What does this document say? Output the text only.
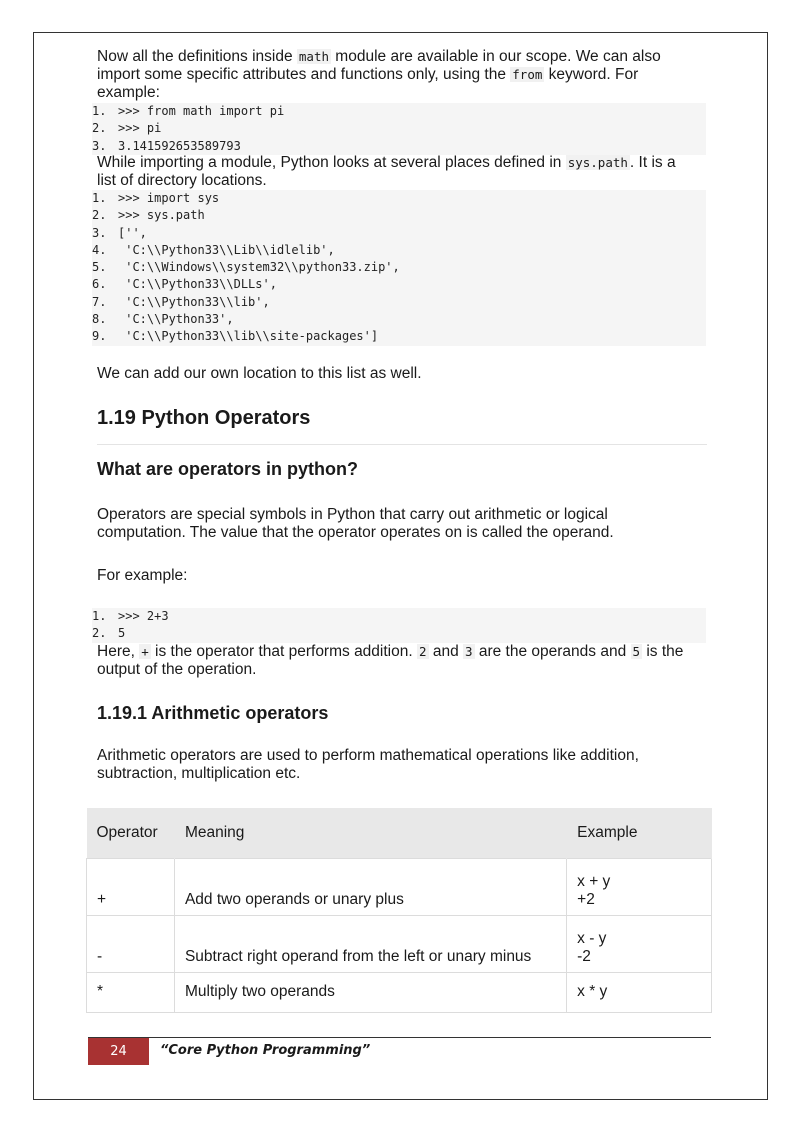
Now all the definitions inside math module are available in our scope. We can also
import some specific attributes and functions only, using the from keyword. For
example:
1. >>> from math import pi
2. >>> pi
3. 3.141592653589793
While importing a module, Python looks at several places defined in sys.path . It is a
list of directory locations.
1. >>> import sys
2. >>> sys.path
3. ['',
4. 'C:\\Python33\\Lib\\idlelib',
5. 'C:\\Windows\\system32\\python33.zip',
6. 'C:\\Python33\\DLLs',
7. 'C:\\Python33\\lib',
8. 'C:\\Python33',
9. 'C:\\Python33\\lib\\site-packages']
We can add our own location to this list as well.
1.19 Python Operators
What are operators in python?
Operators are special symbols in Python that carry out arithmetic or logical
computation. The value that the operator operates on is called the operand.
For example:
1. >>> 2+3
2. 5
Here, + is the operator that performs addition. 2 and 3 are the operands and 5 is the
output of the operation.
1.19.1 Arithmetic operators
Arithmetic operators are used to perform mathematical operations like addition,
subtraction, multiplication etc.
Operator	Meaning	Example
+	Add two operands or unary plus	x + y
+2

-	Subtract right operand from the left or unary minus	x - y
-2

*	Multiply two operands	x * y
24	“Core Python Programming”
